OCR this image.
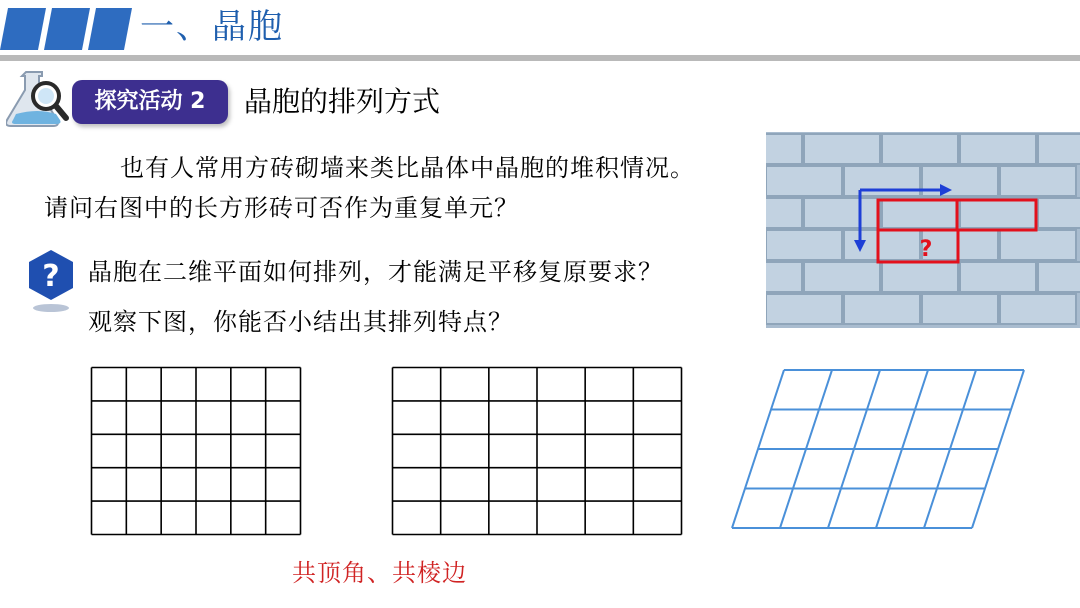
一、晶胞
探究活动 2	晶胞的排列方式
也有人常用方砖砌墙来类比晶体中晶胞的堆积情况。
请问右图中的长方形砖可否作为重复单元？
? 晶胞在二维平面如何排列，才能满足平移复原要求？
观察下图，你能否小结出其排列特点？
?
共顶角、共棱边
